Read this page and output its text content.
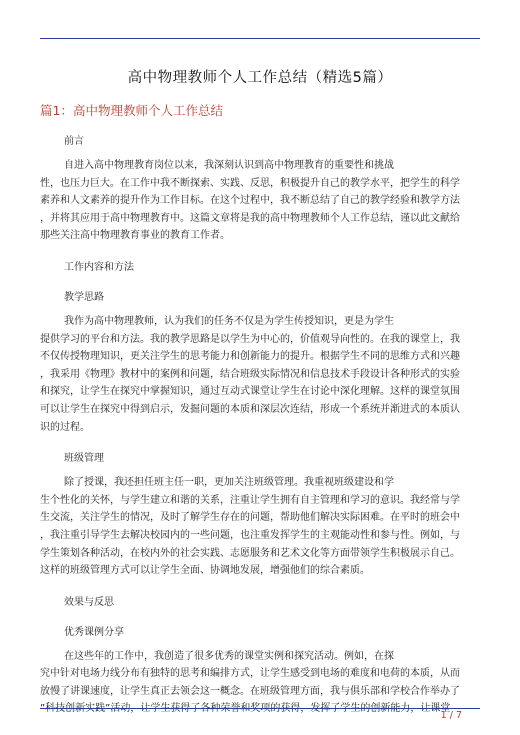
高中物理教师个人工作总结（精选5篇）
篇1：高中物理教师个人工作总结
前言
自进入高中物理教育岗位以来，我深刻认识到高中物理教育的重要性和挑战
性，也压力巨大。在工作中我不断探索、实践、反思，积极提升自己的教学水平，把学生的科学
素养和人文素养的提升作为工作目标。在这个过程中，我不断总结了自己的教学经验和教学方法
，并将其应用于高中物理教育中。这篇文章将是我的高中物理教师个人工作总结，谨以此文献给
那些关注高中物理教育事业的教育工作者。
工作内容和方法
教学思路
我作为高中物理教师，认为我们的任务不仅是为学生传授知识，更是为学生
提供学习的平台和方法。我的教学思路是以学生为中心的，价值观导向性的。在我的课堂上，我
不仅传授物理知识，更关注学生的思考能力和创新能力的提升。根据学生不同的思维方式和兴趣
，我采用《物理》教材中的案例和问题，结合班级实际情况和信息技术手段设计各种形式的实验
和探究，让学生在探究中掌握知识，通过互动式课堂让学生在讨论中深化理解。这样的课堂氛围
可以让学生在探究中得到启示，发掘问题的本质和深层次连结，形成一个系统并渐进式的本质认
识的过程。
班级管理
除了授课，我还担任班主任一职，更加关注班级管理。我重视班级建设和学
生个性化的关怀，与学生建立和谐的关系，注重让学生拥有自主管理和学习的意识。我经常与学
生交流，关注学生的情况，及时了解学生存在的问题，帮助他们解决实际困难。在平时的班会中
，我注重引导学生去解决校园内的一些问题，也注重发挥学生的主观能动性和参与性。例如，与
学生策划各种活动，在校内外的社会实践、志愿服务和艺术文化等方面带领学生积极展示自己。
这样的班级管理方式可以让学生全面、协调地发展，增强他们的综合素质。
效果与反思
优秀课例分享
在这些年的工作中，我创造了很多优秀的课堂实例和探究活动。例如，在探
究中针对电场力线分布有独特的思考和编排方式，让学生感受到电场的难度和电荷的本质，从而
放慢了讲课速度，让学生真正去领会这一概念。在班级管理方面，我与俱乐部和学校合作举办了
”科技创新实践”活动，让学生获得了各种荣誉和奖项的获得，发挥了学生的创新能力，让课堂
1 / 7
